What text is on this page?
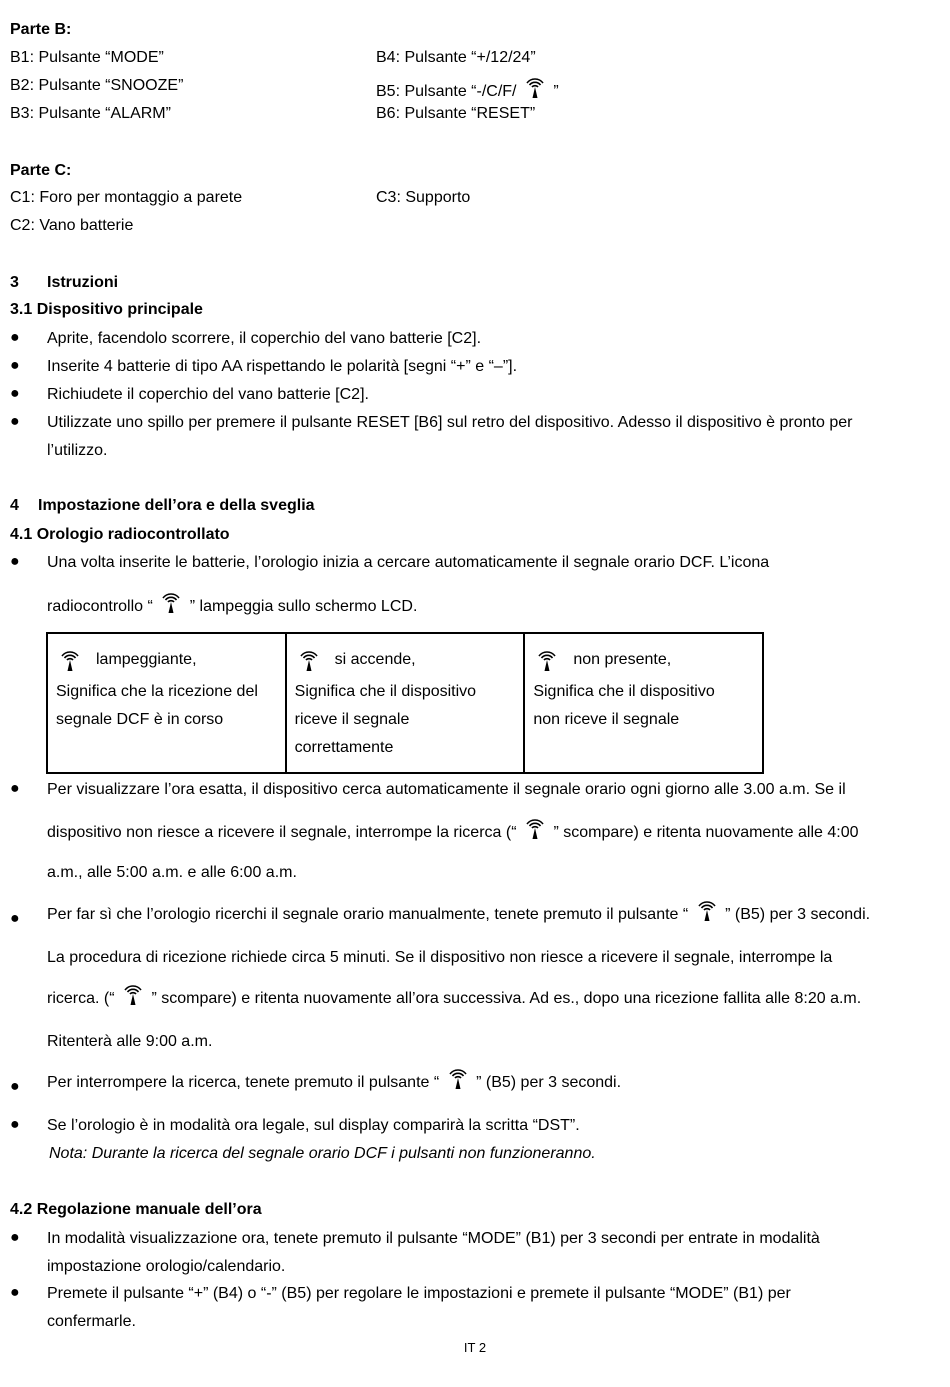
Parte B:
B1: Pulsante “MODE”
B2: Pulsante “SNOOZE”
B3: Pulsante “ALARM”
B4: Pulsante “+/12/24”
B5: Pulsante “-/C/F/ ”
B6: Pulsante “RESET”
Parte C:
C1: Foro per montaggio a parete
C2: Vano batterie
C3: Supporto
3 Istruzioni
3.1 Dispositivo principale
● Aprite, facendolo scorrere, il coperchio del vano batterie [C2].
● Inserite 4 batterie di tipo AA rispettando le polarità [segni “+” e “–”].
● Richiudete il coperchio del vano batterie [C2].
● Utilizzate uno spillo per premere il pulsante RESET [B6] sul retro del dispositivo. Adesso il dispositivo è pronto per
l’utilizzo.
4 Impostazione dell’ora e della sveglia
4.1 Orologio radiocontrollato
● Una volta inserite le batterie, l’orologio inizia a cercare automaticamente il segnale orario DCF. L’icona
radiocontrollo “ ” lampeggia sullo schermo LCD.
lampeggiante,
Significa che la ricezione del
segnale DCF è in corso

si accende,
Significa che il dispositivo
riceve il segnale
correttamente

non presente,
Significa che il dispositivo
non riceve il segnale
● Per visualizzare l’ora esatta, il dispositivo cerca automaticamente il segnale orario ogni giorno alle 3.00 a.m. Se il
dispositivo non riesce a ricevere il segnale, interrompe la ricerca (“ ” scompare) e ritenta nuovamente alle 4:00
a.m., alle 5:00 a.m. e alle 6:00 a.m.
● Per far sì che l’orologio ricerchi il segnale orario manualmente, tenete premuto il pulsante “ ” (B5) per 3 secondi.
La procedura di ricezione richiede circa 5 minuti. Se il dispositivo non riesce a ricevere il segnale, interrompe la
ricerca. (“ ” scompare) e ritenta nuovamente all’ora successiva. Ad es., dopo una ricezione fallita alle 8:20 a.m.
Ritenterà alle 9:00 a.m.
● Per interrompere la ricerca, tenete premuto il pulsante “ ” (B5) per 3 secondi.
● Se l’orologio è in modalità ora legale, sul display comparirà la scritta “DST”.
Nota: Durante la ricerca del segnale orario DCF i pulsanti non funzioneranno.
4.2 Regolazione manuale dell’ora
● In modalità visualizzazione ora, tenete premuto il pulsante “MODE” (B1) per 3 secondi per entrate in modalità
impostazione orologio/calendario.
● Premete il pulsante “+” (B4) o “-” (B5) per regolare le impostazioni e premete il pulsante “MODE” (B1) per
confermarle.
IT 2
